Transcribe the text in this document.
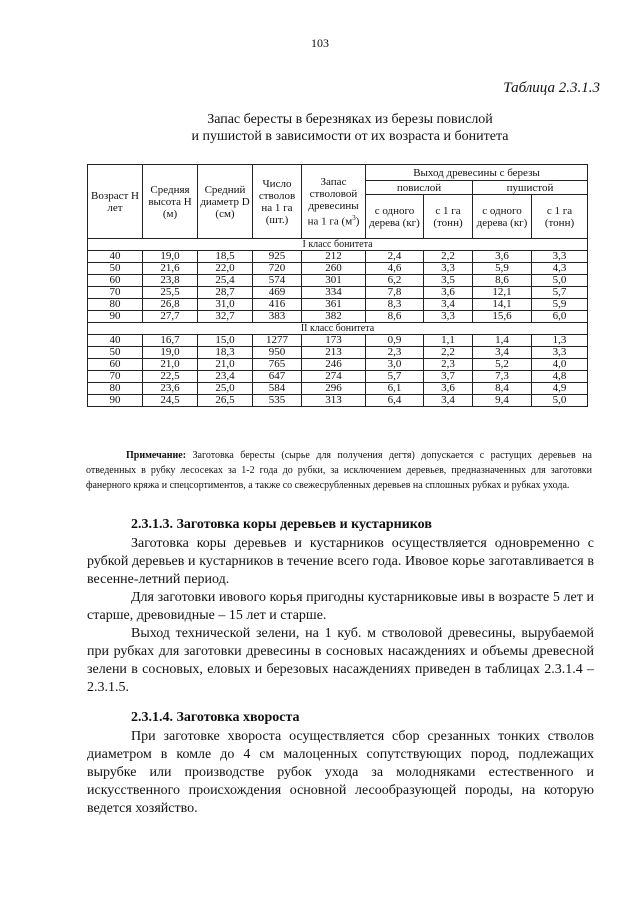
103
Таблица 2.3.1.3
Запас бересты в березняках из березы повислой
и пушистой в зависимости от их возраста и бонитета
Возраст Н лет	Средняя высота Н (м)	Средний диаметр D (см)	Число стволов на 1 га (шт.)	Запас стволовой древесины на 1 га $(м^3)$	Выход древесины с березы			
					повислой		пушистой	
					с одного дерева (кг)	с 1 га (тонн)	с одного дерева (кг)	с 1 га (тонн)
I класс бонитета								
40	19,0	18,5	925	212	2,4	2,2	3,6	3,3
50	21,6	22,0	720	260	4,6	3,3	5,9	4,3
60	23,8	25,4	574	301	6,2	3,5	8,6	5,0
70	25,5	28,7	469	334	7,8	3,6	12,1	5,7
80	26,8	31,0	416	361	8,3	3,4	14,1	5,9
90	27,7	32,7	383	382	8,6	3,3	15,6	6,0
II класс бонитета								
40	16,7	15,0	1277	173	0,9	1,1	1,4	1,3
50	19,0	18,3	950	213	2,3	2,2	3,4	3,3
60	21,0	21,0	765	246	3,0	2,3	5,2	4,0
70	22,5	23,4	647	274	5,7	3,7	7,3	4,8
80	23,6	25,0	584	296	6,1	3,6	8,4	4,9
90	24,5	26,5	535	313	6,4	3,4	9,4	5,0
Примечание: Заготовка бересты (сырье для получения дегтя) допускается с растущих деревьев на отведенных в рубку лесосеках за 1-2 года до рубки, за исключением деревьев, предназначенных для заготовки фанерного кряжа и спецсортиментов, а также со свежесрубленных деревьев на сплошных рубках и рубках ухода.
2.3.1.3. Заготовка коры деревьев и кустарников
Заготовка коры деревьев и кустарников осуществляется одновременно с рубкой деревьев и кустарников в течение всего года. Ивовое корье заготавливается в весенне-летний период.
Для заготовки ивового корья пригодны кустарниковые ивы в возрасте 5 лет и старше, древовидные – 15 лет и старше.
Выход технической зелени, на 1 куб. м стволовой древесины, вырубаемой при рубках для заготовки древесины в сосновых насаждениях и объемы древесной зелени в сосновых, еловых и березовых насаждениях приведен в таблицах 2.3.1.4 – 2.3.1.5.
2.3.1.4. Заготовка хвороста
При заготовке хвороста осуществляется сбор срезанных тонких стволов диаметром в комле до 4 см малоценных сопутствующих пород, подлежащих вырубке или производстве рубок ухода за молодняками естественного и искусственного происхождения основной лесообразующей породы, на которую ведется хозяйство.
